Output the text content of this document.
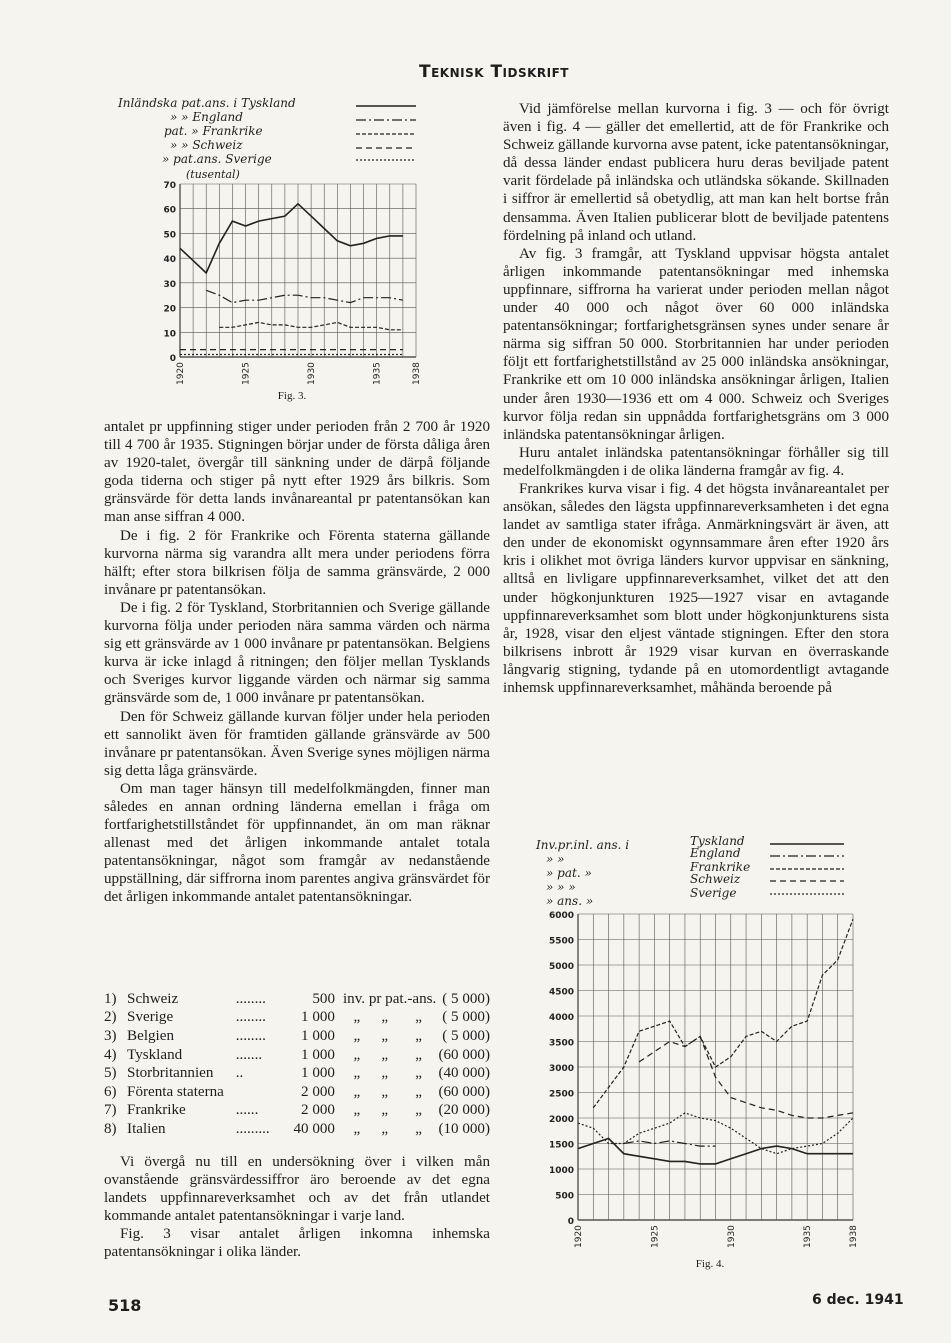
Teknisk Tidskrift
Inländska pat.ans. i Tyskland
» » England
pat. » Frankrike
» » Schweiz
» pat.ans. Sverige
(tusental)
0
10
20
30
40
50
60
70
1920	1925	1930	1935	1938
Fig. 3.

antalet pr uppfinning stiger under perioden från 2 700 år 1920 till 4 700 år 1935. Stigningen börjar under de första dåliga åren av 1920-talet, övergår till sänkning under de därpå följande goda tiderna och stiger på nytt efter 1929 års bilkris. Som gränsvärde för detta lands invånareantal pr patentansökan kan man anse siffran 4 000.

De i fig. 2 för Frankrike och Förenta staterna gällande kurvorna närma sig varandra allt mera under periodens förra hälft; efter stora bilkrisen följa de samma gränsvärde, 2 000 invånare pr patentansökan.

De i fig. 2 för Tyskland, Storbritannien och Sverige gällande kurvorna följa under perioden nära samma värden och närma sig ett gränsvärde av 1 000 invånare pr patentansökan. Belgiens kurva är icke inlagd å ritningen; den följer mellan Tysklands och Sveriges kurvor liggande värden och närmar sig samma gränsvärde som de, 1 000 invånare pr patentansökan.

Den för Schweiz gällande kurvan följer under hela perioden ett sannolikt även för framtiden gällande gränsvärde av 500 invånare pr patentansökan. Även Sverige synes möjligen närma sig detta låga gränsvärde.

Om man tager hänsyn till medelfolkmängden, finner man således en annan ordning länderna emellan i fråga om fortfarighetstillståndet för uppfinnandet, än om man räknar allenast med det årligen inkommande antalet totala patentansökningar, något som framgår av nedanstående uppställning, där siffrorna inom parentes angiva gränsvärdet för det årligen inkommande antalet patentansökningar.

1)	Schweiz	........	500	inv. pr pat.-ans.			( 5 000)
2)	Sverige	........	1 000	„	„	„	( 5 000)
3)	Belgien	........	1 000	„	„	„	( 5 000)
4)	Tyskland	.......	1 000	„	„	„	(60 000)
5)	Storbritannien	..	1 000	„	„	„	(40 000)
6)	Förenta staterna		2 000	„	„	„	(60 000)
7)	Frankrike	......	2 000	„	„	„	(20 000)
8)	Italien	.........	40 000	„	„	„	(10 000)

Vi övergå nu till en undersökning över i vilken mån ovanstående gränsvärdessiffror äro beroende av det egna landets uppfinnareverksamhet och av det från utlandet kommande antalet patentansökningar i varje land.

Fig. 3 visar antalet årligen inkomna inhemska patentansökningar i olika länder.

Vid jämförelse mellan kurvorna i fig. 3 — och för övrigt även i fig. 4 — gäller det emellertid, att de för Frankrike och Schweiz gällande kurvorna avse patent, icke patentansökningar, då dessa länder endast publicera huru deras beviljade patent varit fördelade på inländska och utländska sökande. Skillnaden i siffror är emellertid så obetydlig, att man kan helt bortse från densamma. Även Italien publicerar blott de beviljade patentens fördelning på inland och utland.

Av fig. 3 framgår, att Tyskland uppvisar högsta antalet årligen inkommande patentansökningar med inhemska uppfinnare, siffrorna ha varierat under perioden mellan något under 40 000 och något över 60 000 inländska patentansökningar; fortfarighetsgränsen synes under senare år närma sig siffran 50 000. Storbritannien har under perioden följt ett fortfarighetstillstånd av 25 000 inländska ansökningar, Frankrike ett om 10 000 inländska ansökningar årligen, Italien under åren 1930—1936 ett om 4 000. Schweiz och Sveriges kurvor följa redan sin uppnådda fortfarighetsgräns om 3 000 inländska patentansökningar årligen.

Huru antalet inländska patentansökningar förhåller sig till medelfolkmängden i de olika länderna framgår av fig. 4.

Frankrikes kurva visar i fig. 4 det högsta invånareantalet per ansökan, således den lägsta uppfinnareverksamheten i det egna landet av samtliga stater ifråga. Anmärkningsvärt är även, att den under de ekonomiskt ogynnsammare åren efter 1920 års kris i olikhet mot övriga länders kurvor uppvisar en sänkning, alltså en livligare uppfinnareverksamhet, vilket det att den under högkonjunkturen 1925—1927 visar en avtagande uppfinnareverksamhet som blott under högkonjunkturens sista år, 1928, visar den eljest väntade stigningen. Efter den stora bilkrisens inbrott år 1929 visar kurvan en överraskande långvarig stigning, tydande på en utomordentligt avtagande inhemsk uppfinnareverksamhet, måhända beroende på

Inv.pr.inl. ans. i
» »
» pat. »
» » »
» ans. »
Tyskland
England
Frankrike
Schweiz
Sverige
0
500
1000
1500
2000
2500
3000
3500
4000
4500
5000
5500
6000
1920	1925	1930	1935	1938
Fig. 4.
518	6 dec. 1941
